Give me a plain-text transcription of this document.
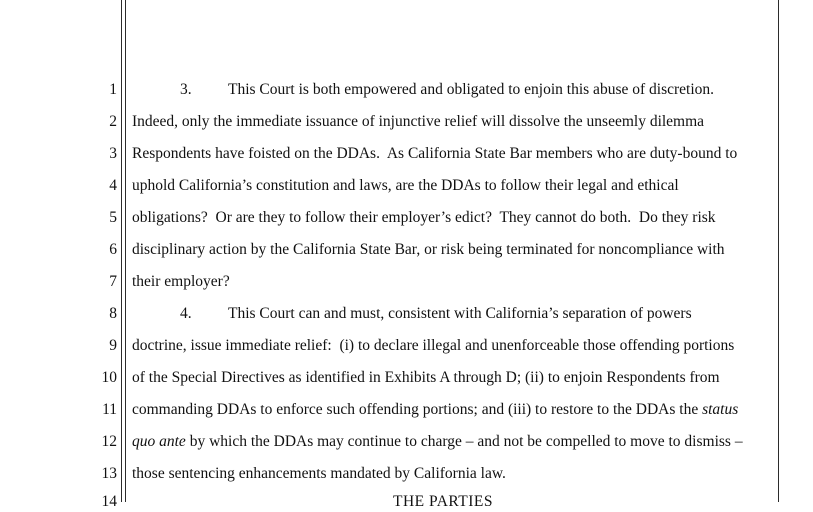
1	3. This Court is both empowered and obligated to enjoin this abuse of discretion.
2 Indeed, only the immediate issuance of injunctive relief will dissolve the unseemly dilemma
3 Respondents have foisted on the DDAs.  As California State Bar members who are duty-bound to
4 uphold California’s constitution and laws, are the DDAs to follow their legal and ethical
5 obligations?  Or are they to follow their employer’s edict?  They cannot do both.  Do they risk
6 disciplinary action by the California State Bar, or risk being terminated for noncompliance with
7 their employer?
8	4. This Court can and must, consistent with California’s separation of powers
9 doctrine, issue immediate relief:  (i) to declare illegal and unenforceable those offending portions
10 of the Special Directives as identified in Exhibits A through D; (ii) to enjoin Respondents from
11 commanding DDAs to enforce such offending portions; and (iii) to restore to the DDAs the status
12 quo ante by which the DDAs may continue to charge – and not be compelled to move to dismiss –
13 those sentencing enhancements mandated by California law.
14	THE PARTIES
